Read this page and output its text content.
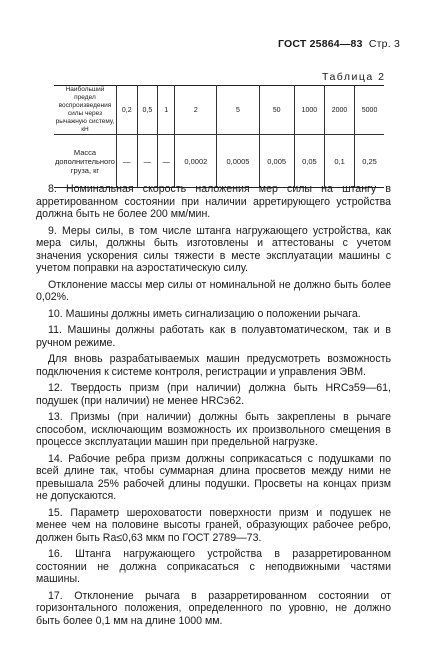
ГОСТ 25864—83 Стр. 3
Таблица 2
Наибольший предел воспроизведения силы через рычажную систему, кН	0,2	0,5	1	2	5	50	1000	2000	5000
Масса дополнительного груза, кг	—	—	—	0,0002	0,0005	0,005	0,05	0,1	0,25

8. Номинальная скорость наложения мер силы на штангу в арретированном состоянии при наличии арретирующего устройства должна быть не более 200 мм/мин.

9. Меры силы, в том числе штанга нагружающего устройства, как мера силы, должны быть изготовлены и аттестованы с учетом значения ускорения силы тяжести в месте эксплуатации машины с учетом поправки на аэростатическую силу.

Отклонение массы мер силы от номинальной не должно быть более 0,02%.

10. Машины должны иметь сигнализацию о положении рычага.

11. Машины должны работать как в полуавтоматическом, так и в ручном режиме.

Для вновь разрабатываемых машин предусмотреть возможность подключения к системе контроля, регистрации и управления ЭВМ.

12. Твердость призм (при наличии) должна быть HRCэ59—61, подушек (при наличии) не менее HRCэ62.

13. Призмы (при наличии) должны быть закреплены в рычаге способом, исключающим возможность их произвольного смещения в процессе эксплуатации машин при предельной нагрузке.

14. Рабочие ребра призм должны соприкасаться с подушками по всей длине так, чтобы суммарная длина просветов между ними не превышала 25% рабочей длины подушки. Просветы на концах призм не допускаются.

15. Параметр шероховатости поверхности призм и подушек не менее чем на половине высоты граней, образующих рабочее ребро, должен быть Ra≤0,63 мкм по ГОСТ 2789—73.

16. Штанга нагружающего устройства в разарретированном состоянии не должна соприкасаться с неподвижными частями машины.

17. Отклонение рычага в разарретированном состоянии от горизонтального положения, определенного по уровню, не должно быть более 0,1 мм на длине 1000 мм.
